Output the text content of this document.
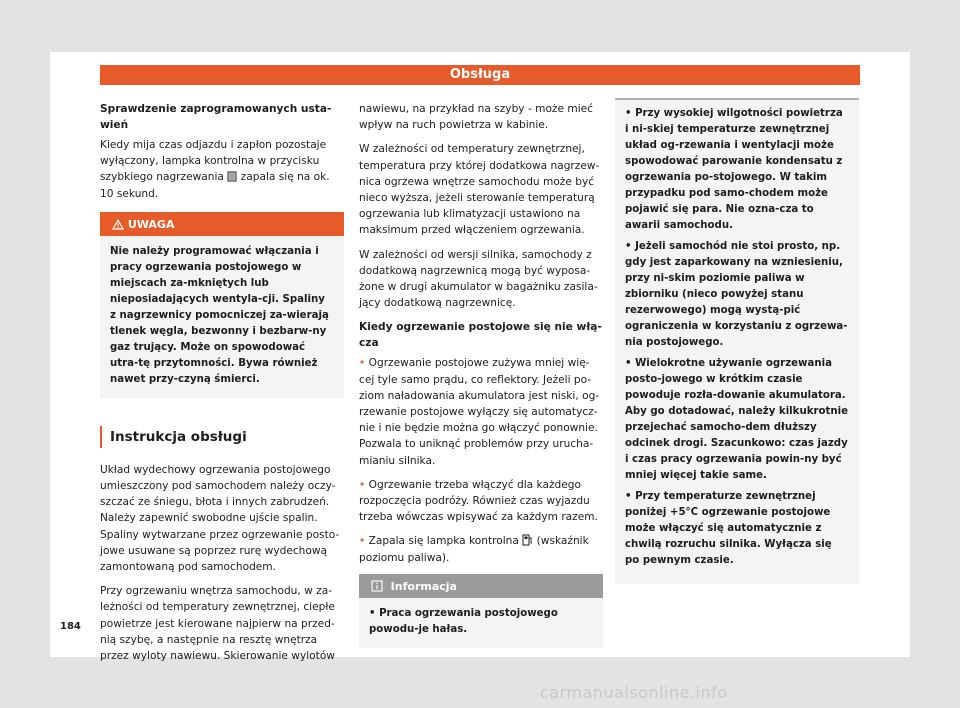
Obsługa
Sprawdzenie zaprogramowanych usta-wień

Kiedy mija czas odjazdu i zapłon pozostaje wyłączony, lampka kontrolna w przycisku szybkiego nagrzewania zapala się na ok. 10 sekund.

UWAGA
Nie należy programować włączania i pracy ogrzewania postojowego w miejscach za-mkniętych lub nieposiadających wentyla-cji. Spaliny z nagrzewnicy pomocniczej za-wierają tlenek węgla, bezwonny i bezbarw-ny gaz trujący. Może on spowodować utra-tę przytomności. Bywa również nawet przy-czyną śmierci.
Instrukcja obsługi

Układ wydechowy ogrzewania postojowego umieszczony pod samochodem należy oczy-szczać ze śniegu, błota i innych zabrudzeń. Należy zapewnić swobodne ujście spalin. Spaliny wytwarzane przez ogrzewanie posto-jowe usuwane są poprzez rurę wydechową zamontowaną pod samochodem.

Przy ogrzewaniu wnętrza samochodu, w za-leżności od temperatury zewnętrznej, ciepłe powietrze jest kierowane najpierw na przed-nią szybę, a następnie na resztę wnętrza przez wyloty nawiewu. Skierowanie wylotów

nawiewu, na przykład na szyby - może mieć wpływ na ruch powietrza w kabinie.

W zależności od temperatury zewnętrznej, temperatura przy której dodatkowa nagrzew-nica ogrzewa wnętrze samochodu może być nieco wyższa, jeżeli sterowanie temperaturą ogrzewania lub klimatyzacji ustawiono na maksimum przed włączeniem ogrzewania.

W zależności od wersji silnika, samochody z dodatkową nagrzewnicą mogą być wyposa-żone w drugi akumulator w bagażniku zasila-jący dodatkową nagrzewnicę.

Kiedy ogrzewanie postojowe się nie włą-cza

• Ogrzewanie postojowe zużywa mniej wię-cej tyle samo prądu, co reflektory. Jeżeli po-ziom naładowania akumulatora jest niski, og-rzewanie postojowe wyłączy się automatycz-nie i nie będzie można go włączyć ponownie. Pozwala to uniknąć problemów przy urucha-mianiu silnika.

• Ogrzewanie trzeba włączyć dla każdego rozpoczęcia podróży. Również czas wyjazdu trzeba wówczas wpisywać za każdym razem.

• Zapala się lampka kontrolna (wskaźnik poziomu paliwa).

Informacja
• Praca ogrzewania postojowego powodu-je hałas.

• Przy wysokiej wilgotności powietrza i ni-skiej temperaturze zewnętrznej układ og-rzewania i wentylacji może spowodować parowanie kondensatu z ogrzewania po-stojowego. W takim przypadku pod samo-chodem może pojawić się para. Nie ozna-cza to awarii samochodu.

• Jeżeli samochód nie stoi prosto, np. gdy jest zaparkowany na wzniesieniu, przy ni-skim poziomie paliwa w zbiorniku (nieco powyżej stanu rezerwowego) mogą wystą-pić ograniczenia w korzystaniu z ogrzewa-nia postojowego.

• Wielokrotne używanie ogrzewania posto-jowego w krótkim czasie powoduje rozła-dowanie akumulatora. Aby go dotadować, należy kilkukrotnie przejechać samocho-dem dłuższy odcinek drogi. Szacunkowo: czas jazdy i czas pracy ogrzewania powin-ny być mniej więcej takie same.

• Przy temperaturze zewnętrznej poniżej +5°C ogrzewanie postojowe może włączyć się automatycznie z chwilą rozruchu silnika. Wyłącza się po pewnym czasie.

184
carmanualsonline.info
